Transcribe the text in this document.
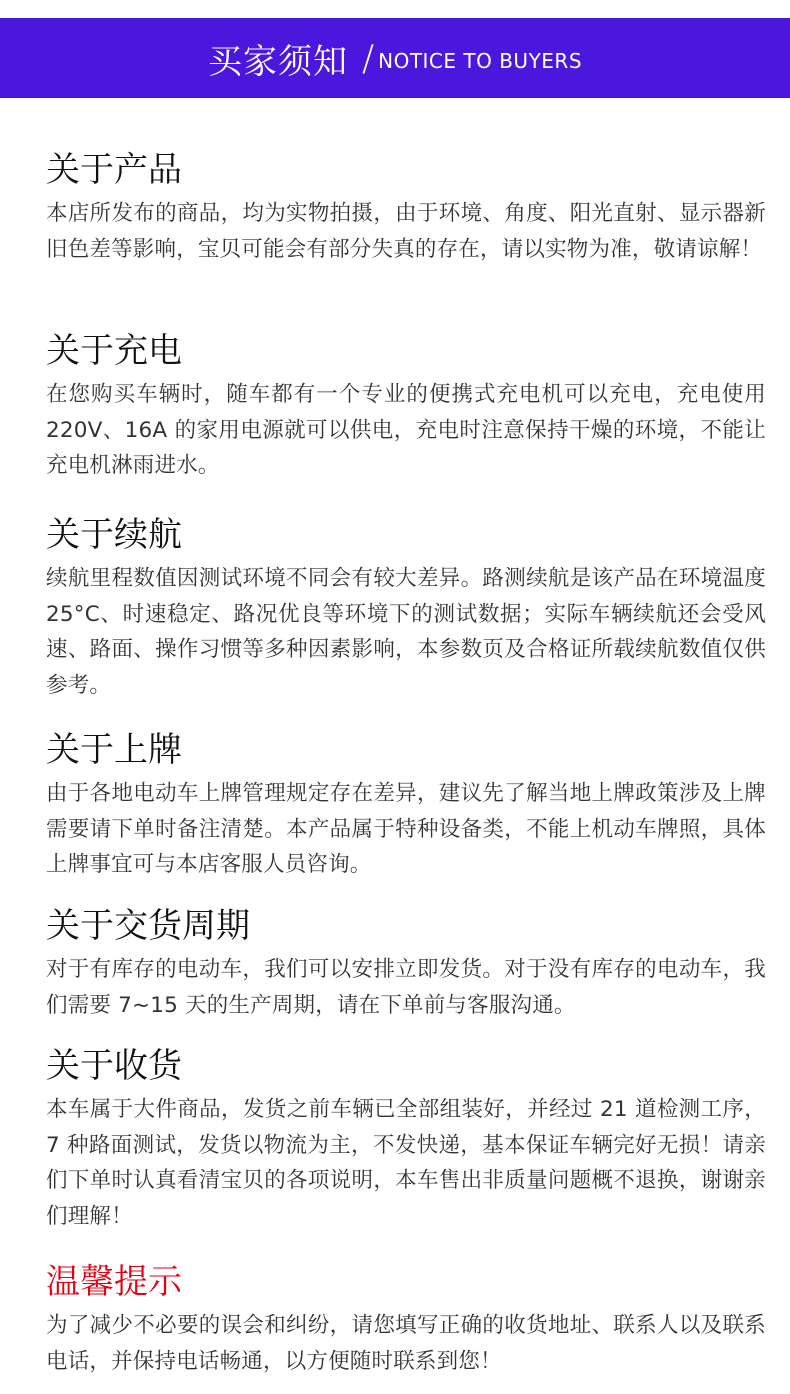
买家须知 / NOTICE TO BUYERS
关于产品
本店所发布的商品，均为实物拍摄，由于环境、角度、阳光直射、显示器新旧色差等影响，宝贝可能会有部分失真的存在，请以实物为准，敬请谅解！
关于充电
在您购买车辆时，随车都有一个专业的便携式充电机可以充电，充电使用 220V、16A 的家用电源就可以供电，充电时注意保持干燥的环境，不能让充电机淋雨进水。
关于续航
续航里程数值因测试环境不同会有较大差异。路测续航是该产品在环境温度 25°C、时速稳定、路况优良等环境下的测试数据；实际车辆续航还会受风速、路面、操作习惯等多种因素影响，本参数页及合格证所载续航数值仅供参考。
关于上牌
由于各地电动车上牌管理规定存在差异，建议先了解当地上牌政策涉及上牌需要请下单时备注清楚。本产品属于特种设备类，不能上机动车牌照，具体上牌事宜可与本店客服人员咨询。
关于交货周期
对于有库存的电动车，我们可以安排立即发货。对于没有库存的电动车，我们需要 7~15 天的生产周期，请在下单前与客服沟通。
关于收货
本车属于大件商品，发货之前车辆已全部组装好，并经过 21 道检测工序，7 种路面测试，发货以物流为主，不发快递，基本保证车辆完好无损！请亲们下单时认真看清宝贝的各项说明，本车售出非质量问题概不退换，谢谢亲们理解！
温馨提示
为了减少不必要的误会和纠纷，请您填写正确的收货地址、联系人以及联系电话，并保持电话畅通，以方便随时联系到您！
